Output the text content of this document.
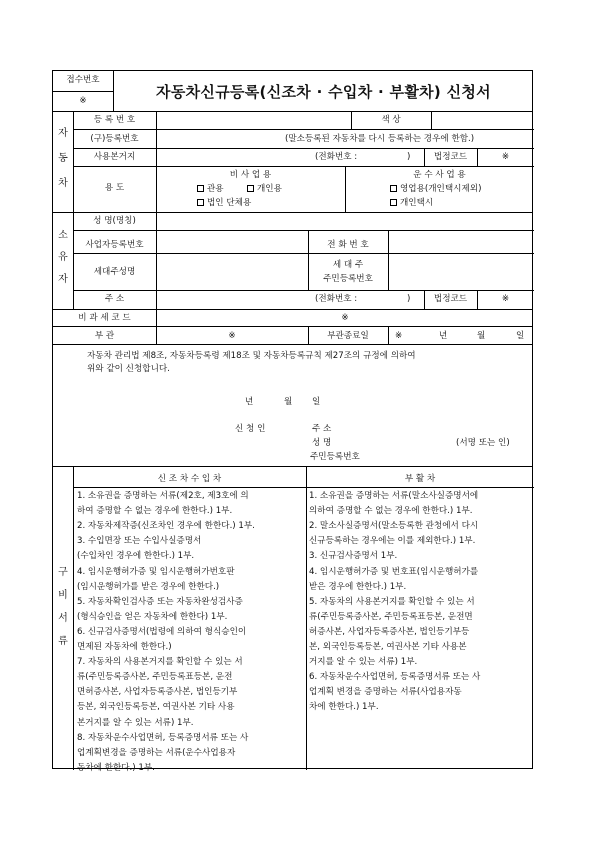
접수번호
※	자동차신규등록(신조차 · 수입차 · 부활차) 신청서
자
동
차
등 록 번 호	색 상
(구)등록번호	(말소등록된 자동차를 다시 등록하는 경우에 한함.)
사용본거지	(전화번호 :	)	법정코드	※
용 도
비 사 업 용
관용	개인용
법인 단체용
운 수 사 업 용
영업용(개인택시제외)
개인택시
소
유
자
성 명(명칭)
사업자등록번호	전 화 번 호
세대주성명
세 대 주
주민등록번호
주 소	(전화번호 :	)	법정코드	※
비 과 세 코 드	※
부 관	※	부관종료일	※	년	월	일
자동차 관리법 제8조, 자동차등록령 제18조 및 자동차등록규칙 제27조의 규정에 의하여
위와 같이 신청합니다.
년	월 일
신 청 인	주 소
성 명
주민등록번호
(서명 또는 인)
구
비
서
류
신 조 차 수 입 차	부 활 차
1. 소유권을 증명하는 서류(제2호, 제3호에 의
하여 증명할 수 없는 경우에 한한다.) 1부.
2. 자동차제작증(신조차인 경우에 한한다.) 1부.
3. 수입면장 또는 수입사실증명서
(수입차인 경우에 한한다.) 1부.
4. 임시운행허가증 및 임시운행허가번호판
(임시운행허가를 받은 경우에 한한다.)
5. 자동차확인검사증 또는 자동차완성검사증
(형식승인을 얻은 자동차에 한한다) 1부.
6. 신규검사증명서(법령에 의하여 형식승인이
면제된 자동차에 한한다.)
7. 자동차의 사용본거지를 확인할 수 있는 서
류(주민등록증사본, 주민등록표등본, 운전
면허증사본, 사업자등록증사본, 법인등기부
등본, 외국인등록등본, 여권사본 기타 사용
본거지를 알 수 있는 서류) 1부.
8. 자동차운수사업면허, 등록증명서류 또는 사
업계획변경을 증명하는 서류(운수사업용자
동차에 한한다.) 1부.
1. 소유권을 증명하는 서류(말소사실증명서에
의하여 증명할 수 없는 경우에 한한다.) 1부.
2. 말소사실증명서(말소등록한 관청에서 다시
신규등록하는 경우에는 이를 제외한다.) 1부.
3. 신규검사증명서 1부.
4. 임시운행허가증 및 번호표(임시운행허가를
받은 경우에 한한다.) 1부.
5. 자동차의 사용본거지를 확인할 수 있는 서
류(주민등록증사본, 주민등록표등본, 운전면
허증사본, 사업자등록증사본, 법인등기부등
본, 외국인등록등본, 여권사본 기타 사용본
거지를 알 수 있는 서류) 1부.
6. 자동차운수사업면허, 등록증명서류 또는 사
업계획 변경을 증명하는 서류(사업용자동
차에 한한다.) 1부.
